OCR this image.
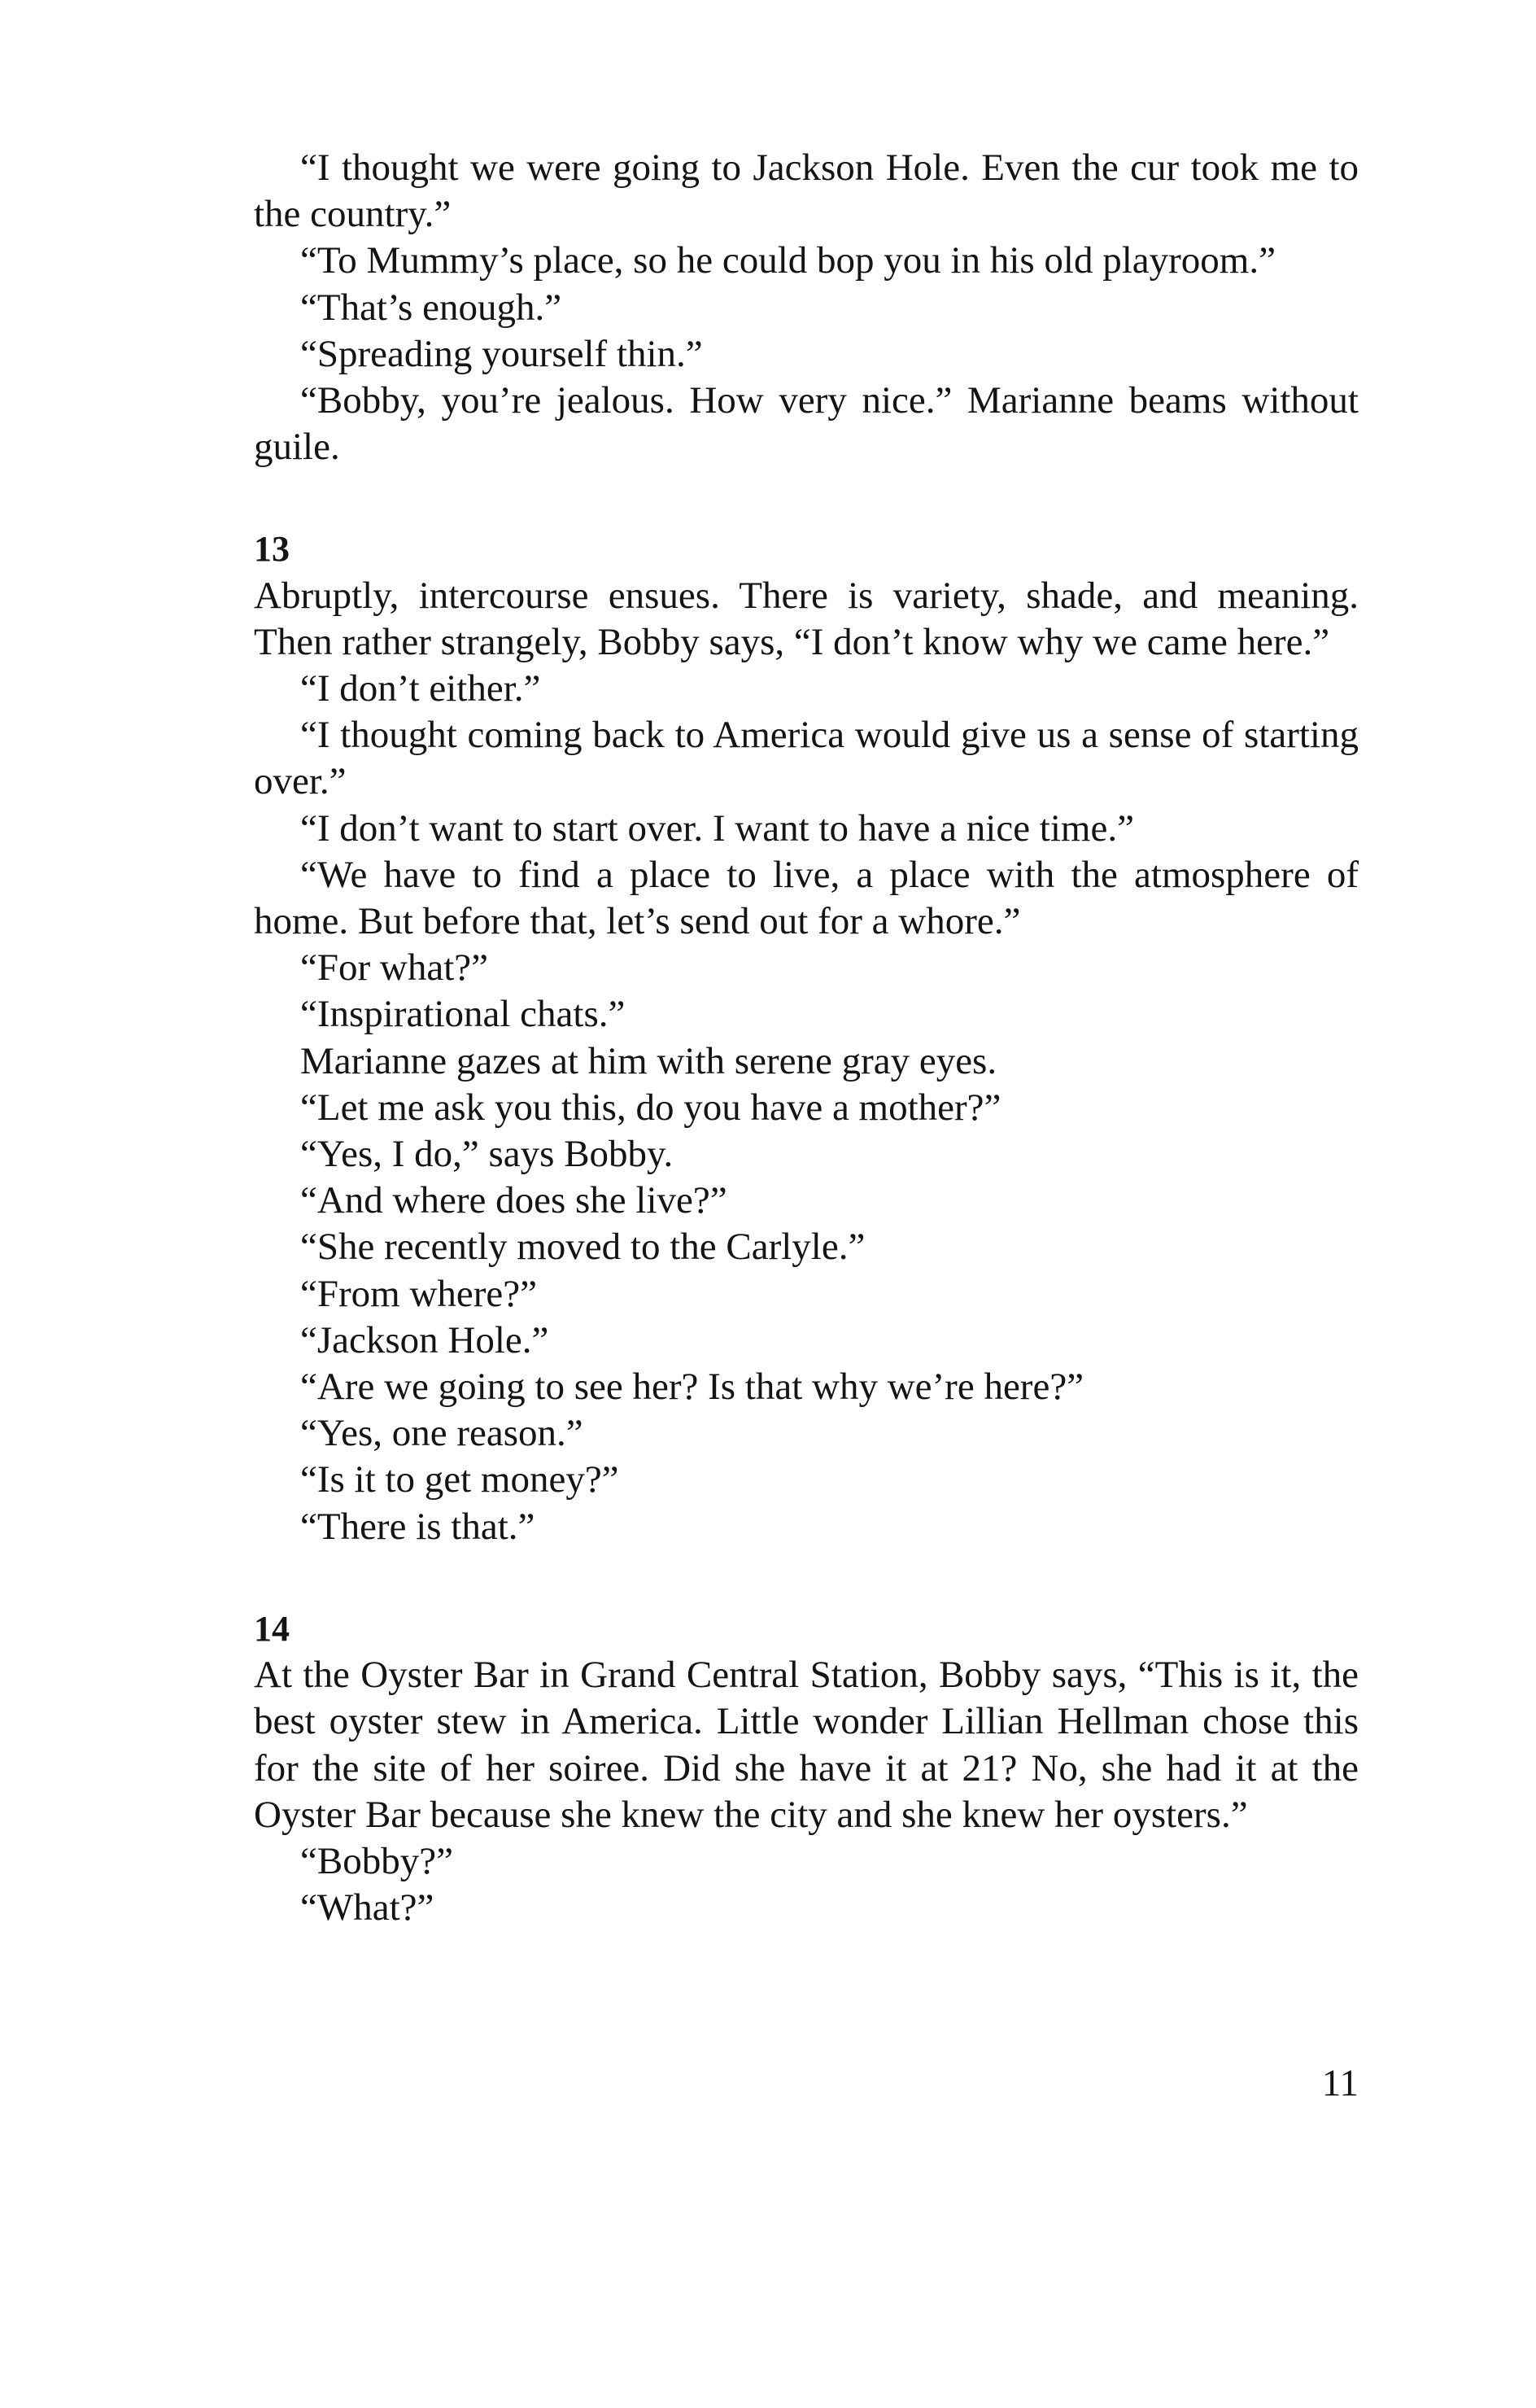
“I thought we were going to Jackson Hole. Even the cur took me to the country.”

“To Mummy’s place, so he could bop you in his old playroom.”

“That’s enough.”

“Spreading yourself thin.”

“Bobby, you’re jealous. How very nice.” Marianne beams without guile.

13

Abruptly, intercourse ensues. There is variety, shade, and meaning. Then rather strangely, Bobby says, “I don’t know why we came here.”

“I don’t either.”

“I thought coming back to America would give us a sense of starting over.”

“I don’t want to start over. I want to have a nice time.”

“We have to find a place to live, a place with the atmosphere of home. But before that, let’s send out for a whore.”

“For what?”

“Inspirational chats.”

Marianne gazes at him with serene gray eyes.

“Let me ask you this, do you have a mother?”

“Yes, I do,” says Bobby.

“And where does she live?”

“She recently moved to the Carlyle.”

“From where?”

“Jackson Hole.”

“Are we going to see her? Is that why we’re here?”

“Yes, one reason.”

“Is it to get money?”

“There is that.”

14

At the Oyster Bar in Grand Central Station, Bobby says, “This is it, the best oyster stew in America. Little wonder Lillian Hellman chose this for the site of her soiree. Did she have it at 21? No, she had it at the Oyster Bar because she knew the city and she knew her oysters.”

“Bobby?”

“What?”

11
